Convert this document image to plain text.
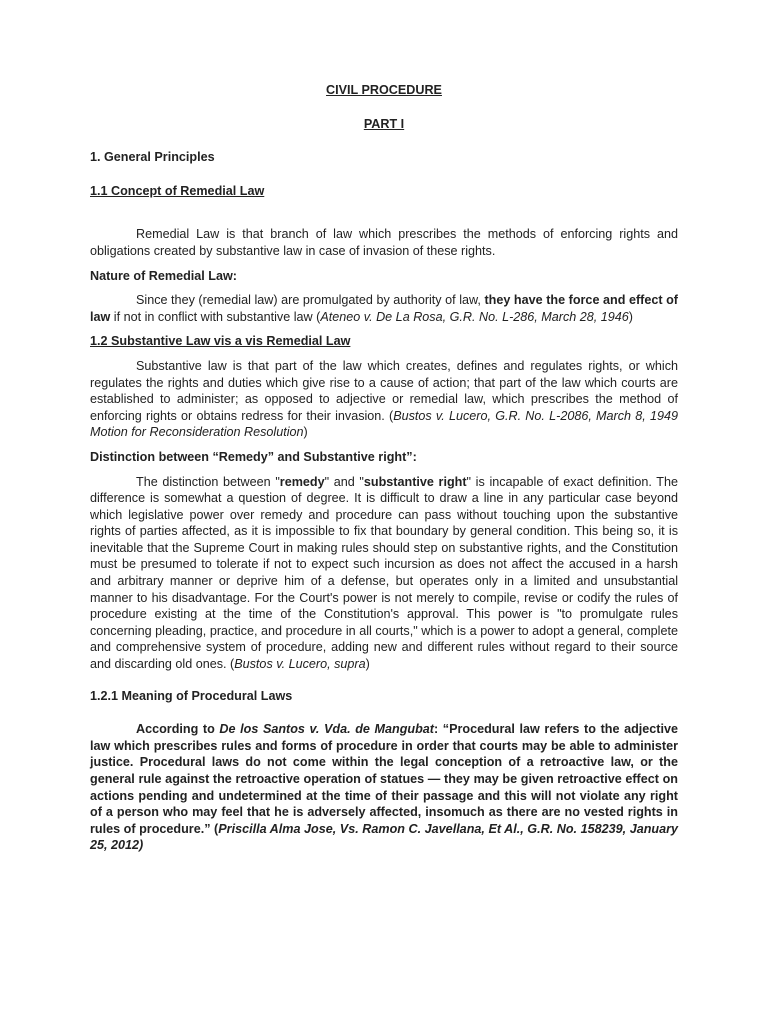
CIVIL PROCEDURE

PART I

1. General Principles

1.1 Concept of Remedial Law

Remedial Law is that branch of law which prescribes the methods of enforcing rights and obligations created by substantive law in case of invasion of these rights.

Nature of Remedial Law:

Since they (remedial law) are promulgated by authority of law, they have the force and effect of law if not in conflict with substantive law (Ateneo v. De La Rosa, G.R. No. L-286, March 28, 1946)

1.2 Substantive Law vis a vis Remedial Law

Substantive law is that part of the law which creates, defines and regulates rights, or which regulates the rights and duties which give rise to a cause of action; that part of the law which courts are established to administer; as opposed to adjective or remedial law, which prescribes the method of enforcing rights or obtains redress for their invasion. (Bustos v. Lucero, G.R. No. L-2086, March 8, 1949 Motion for Reconsideration Resolution)

Distinction between “Remedy” and Substantive right”:

The distinction between "remedy" and "substantive right" is incapable of exact definition. The difference is somewhat a question of degree. It is difficult to draw a line in any particular case beyond which legislative power over remedy and procedure can pass without touching upon the substantive rights of parties affected, as it is impossible to fix that boundary by general condition. This being so, it is inevitable that the Supreme Court in making rules should step on substantive rights, and the Constitution must be presumed to tolerate if not to expect such incursion as does not affect the accused in a harsh and arbitrary manner or deprive him of a defense, but operates only in a limited and unsubstantial manner to his disadvantage. For the Court's power is not merely to compile, revise or codify the rules of procedure existing at the time of the Constitution's approval. This power is "to promulgate rules concerning pleading, practice, and procedure in all courts," which is a power to adopt a general, complete and comprehensive system of procedure, adding new and different rules without regard to their source and discarding old ones. (Bustos v. Lucero, supra)

1.2.1 Meaning of Procedural Laws

According to De los Santos v. Vda. de Mangubat: “Procedural law refers to the adjective law which prescribes rules and forms of procedure in order that courts may be able to administer justice. Procedural laws do not come within the legal conception of a retroactive law, or the general rule against the retroactive operation of statues — they may be given retroactive effect on actions pending and undetermined at the time of their passage and this will not violate any right of a person who may feel that he is adversely affected, insomuch as there are no vested rights in rules of procedure.” (Priscilla Alma Jose, Vs. Ramon C. Javellana, Et Al., G.R. No. 158239, January 25, 2012)
